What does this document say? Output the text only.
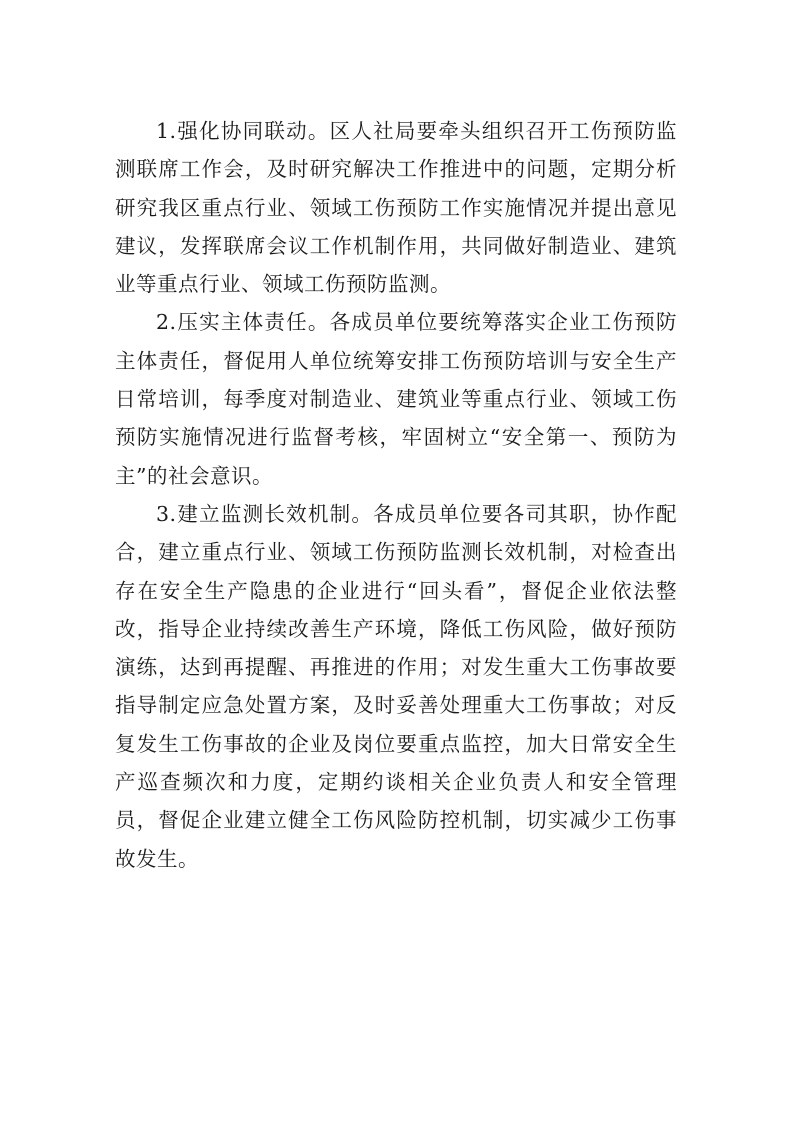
1.强化协同联动。区人社局要牵头组织召开工伤预防监测联席工作会，及时研究解决工作推进中的问题，定期分析研究我区重点行业、领域工伤预防工作实施情况并提出意见建议，发挥联席会议工作机制作用，共同做好制造业、建筑业等重点行业、领域工伤预防监测。

2.压实主体责任。各成员单位要统筹落实企业工伤预防主体责任，督促用人单位统筹安排工伤预防培训与安全生产日常培训，每季度对制造业、建筑业等重点行业、领域工伤预防实施情况进行监督考核，牢固树立“安全第一、预防为主”的社会意识。

3.建立监测长效机制。各成员单位要各司其职，协作配合，建立重点行业、领域工伤预防监测长效机制，对检查出存在安全生产隐患的企业进行“回头看”，督促企业依法整改，指导企业持续改善生产环境，降低工伤风险，做好预防演练，达到再提醒、再推进的作用；对发生重大工伤事故要指导制定应急处置方案，及时妥善处理重大工伤事故；对反复发生工伤事故的企业及岗位要重点监控，加大日常安全生产巡查频次和力度，定期约谈相关企业负责人和安全管理员，督促企业建立健全工伤风险防控机制，切实减少工伤事故发生。
